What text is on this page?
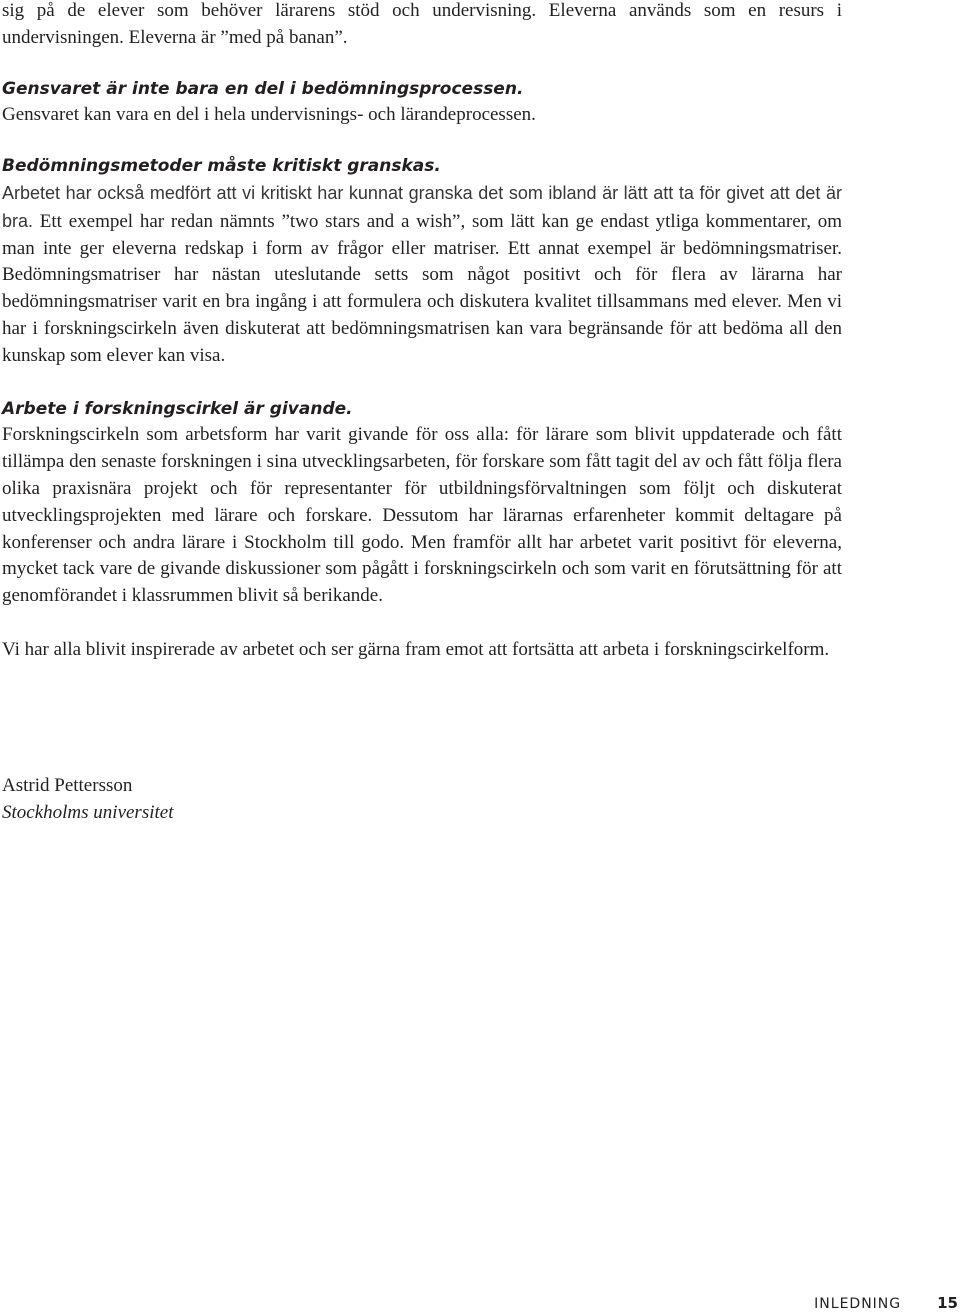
sig på de elever som behöver lärarens stöd och undervisning. Eleverna används som en resurs i undervisningen. Eleverna är ”med på banan”.

Gensvaret är inte bara en del i bedömningsprocessen.

Gensvaret kan vara en del i hela undervisnings- och lärandeprocessen.

Bedömningsmetoder måste kritiskt granskas.

Arbetet har också medfört att vi kritiskt har kunnat granska det som ibland är lätt att ta för givet att det är bra. Ett exempel har redan nämnts ”two stars and a wish”, som lätt kan ge endast ytliga kommentarer, om man inte ger eleverna redskap i form av frågor eller matriser. Ett annat exempel är bedömningsmatriser. Bedömningsmatriser har nästan uteslutande setts som något positivt och för flera av lärarna har bedömningsmatriser varit en bra ingång i att formulera och diskutera kvalitet tillsammans med elever. Men vi har i forskningscirkeln även diskuterat att bedömningsmatrisen kan vara begränsande för att bedöma all den kunskap som elever kan visa.

Arbete i forskningscirkel är givande.

Forskningscirkeln som arbetsform har varit givande för oss alla: för lärare som blivit uppdaterade och fått tillämpa den senaste forskningen i sina utvecklingsarbeten, för forskare som fått tagit del av och fått följa flera olika praxisnära projekt och för representanter för utbildningsförvaltningen som följt och diskuterat utvecklingsprojekten med lärare och forskare. Dessutom har lärarnas erfarenheter kommit deltagare på konferenser och andra lärare i Stockholm till godo. Men framför allt har arbetet varit positivt för eleverna, mycket tack vare de givande diskussioner som pågått i forskningscirkeln och som varit en förutsättning för att genomförandet i klassrummen blivit så berikande.

Vi har alla blivit inspirerade av arbetet och ser gärna fram emot att fortsätta att arbeta i forskningscirkelform.

Astrid Pettersson
Stockholms universitet
INLEDNING 15
